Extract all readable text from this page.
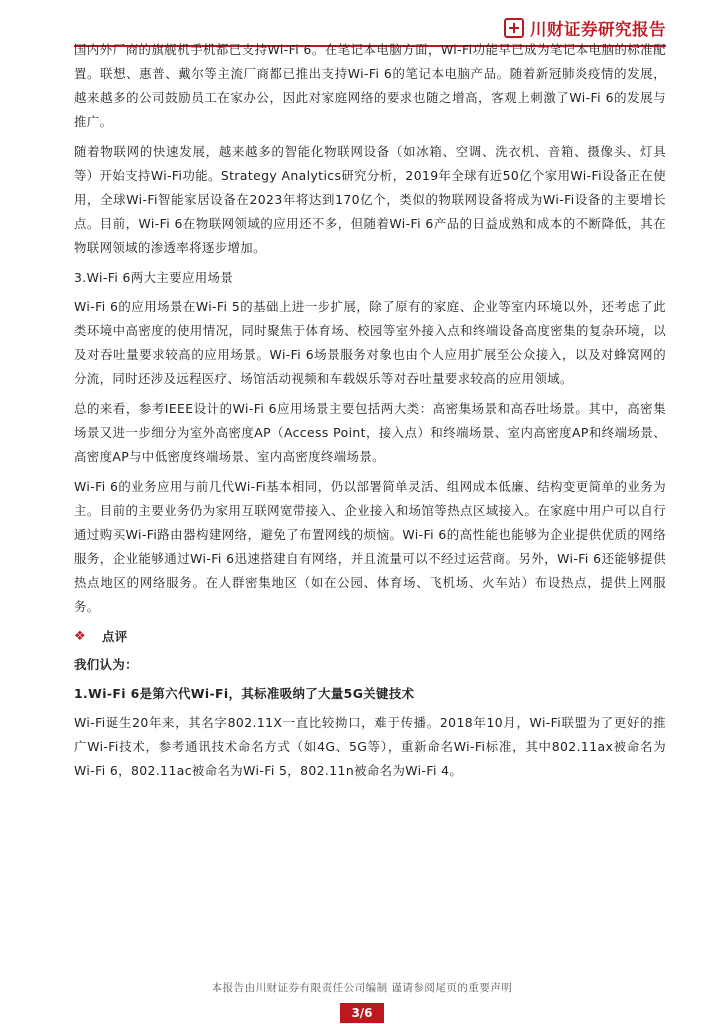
川财证券研究报告

国内外厂商的旗舰机手机都已支持Wi-Fi 6。在笔记本电脑方面，Wi-Fi功能早已成为笔记本电脑的标准配置。联想、惠普、戴尔等主流厂商都已推出支持Wi-Fi 6的笔记本电脑产品。随着新冠肺炎疫情的发展，越来越多的公司鼓励员工在家办公，因此对家庭网络的要求也随之增高，客观上刺激了Wi-Fi 6的发展与推广。

随着物联网的快速发展，越来越多的智能化物联网设备（如冰箱、空调、洗衣机、音箱、摄像头、灯具等）开始支持Wi-Fi功能。Strategy Analytics研究分析，2019年全球有近50亿个家用Wi-Fi设备正在使用，全球Wi-Fi智能家居设备在2023年将达到170亿个，类似的物联网设备将成为Wi-Fi设备的主要增长点。目前，Wi-Fi 6在物联网领域的应用还不多，但随着Wi-Fi 6产品的日益成熟和成本的不断降低，其在物联网领域的渗透率将逐步增加。

3.Wi-Fi 6两大主要应用场景

Wi-Fi 6的应用场景在Wi-Fi 5的基础上进一步扩展，除了原有的家庭、企业等室内环境以外，还考虑了此类环境中高密度的使用情况，同时聚焦于体育场、校园等室外接入点和终端设备高度密集的复杂环境，以及对吞吐量要求较高的应用场景。Wi-Fi 6场景服务对象也由个人应用扩展至公众接入，以及对蜂窝网的分流，同时还涉及远程医疗、场馆活动视频和车载娱乐等对吞吐量要求较高的应用领域。

总的来看，参考IEEE设计的Wi-Fi 6应用场景主要包括两大类：高密集场景和高吞吐场景。其中，高密集场景又进一步细分为室外高密度AP（Access Point，接入点）和终端场景、室内高密度AP和终端场景、高密度AP与中低密度终端场景、室内高密度终端场景。

Wi-Fi 6的业务应用与前几代Wi-Fi基本相同，仍以部署简单灵活、组网成本低廉、结构变更简单的业务为主。目前的主要业务仍为家用互联网宽带接入、企业接入和场馆等热点区域接入。在家庭中用户可以自行通过购买Wi-Fi路由器构建网络，避免了布置网线的烦恼。Wi-Fi 6的高性能也能够为企业提供优质的网络服务，企业能够通过Wi-Fi 6迅速搭建自有网络，并且流量可以不经过运营商。另外，Wi-Fi 6还能够提供热点地区的网络服务。在人群密集地区（如在公园、体育场、飞机场、火车站）布设热点，提供上网服务。

❖ 点评
我们认为：
1.Wi-Fi 6是第六代Wi-Fi，其标准吸纳了大量5G关键技术

Wi-Fi诞生20年来，其名字802.11X一直比较拗口，难于传播。2018年10月，Wi-Fi联盟为了更好的推广Wi-Fi技术，参考通讯技术命名方式（如4G、5G等），重新命名Wi-Fi标准，其中802.11ax被命名为Wi-Fi 6，802.11ac被命名为Wi-Fi 5，802.11n被命名为Wi-Fi 4。

本报告由川财证券有限责任公司编制 谨请参阅尾页的重要声明
3/6
